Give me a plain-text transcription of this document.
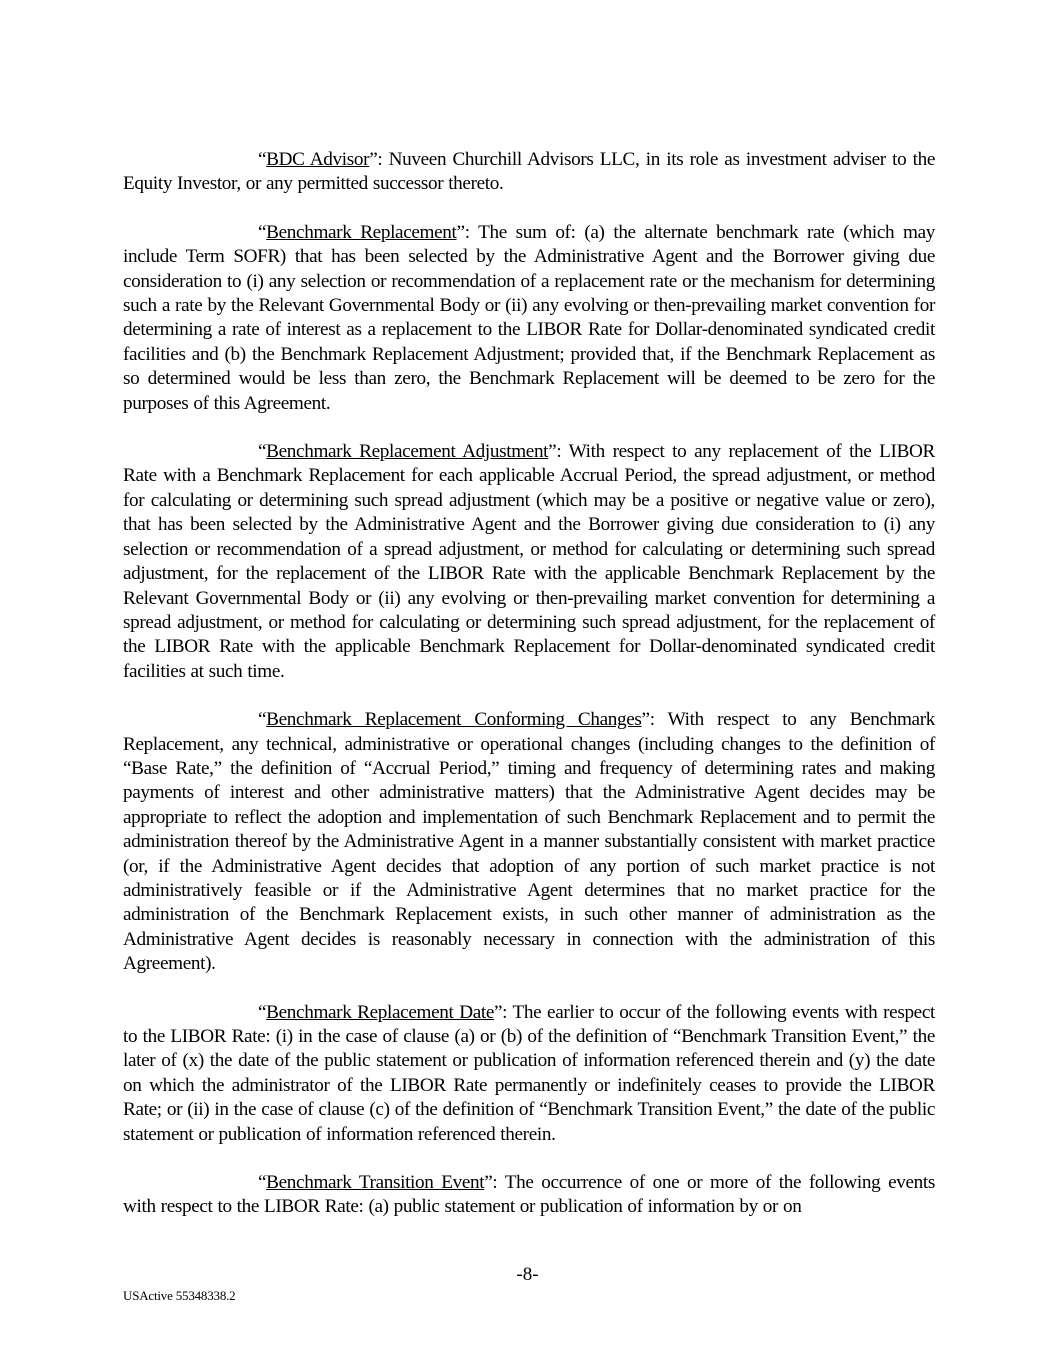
“BDC Advisor”: Nuveen Churchill Advisors LLC, in its role as investment adviser to the Equity Investor, or any permitted successor thereto.

“Benchmark Replacement”: The sum of: (a) the alternate benchmark rate (which may include Term SOFR) that has been selected by the Administrative Agent and the Borrower giving due consideration to (i) any selection or recommendation of a replacement rate or the mechanism for determining such a rate by the Relevant Governmental Body or (ii) any evolving or then-prevailing market convention for determining a rate of interest as a replacement to the LIBOR Rate for Dollar-denominated syndicated credit facilities and (b) the Benchmark Replacement Adjustment; provided that, if the Benchmark Replacement as so determined would be less than zero, the Benchmark Replacement will be deemed to be zero for the purposes of this Agreement.

“Benchmark Replacement Adjustment”: With respect to any replacement of the LIBOR Rate with a Benchmark Replacement for each applicable Accrual Period, the spread adjustment, or method for calculating or determining such spread adjustment (which may be a positive or negative value or zero), that has been selected by the Administrative Agent and the Borrower giving due consideration to (i) any selection or recommendation of a spread adjustment, or method for calculating or determining such spread adjustment, for the replacement of the LIBOR Rate with the applicable Benchmark Replacement by the Relevant Governmental Body or (ii) any evolving or then-prevailing market convention for determining a spread adjustment, or method for calculating or determining such spread adjustment, for the replacement of the LIBOR Rate with the applicable Benchmark Replacement for Dollar-denominated syndicated credit facilities at such time.

“Benchmark Replacement Conforming Changes”: With respect to any Benchmark Replacement, any technical, administrative or operational changes (including changes to the definition of “Base Rate,” the definition of “Accrual Period,” timing and frequency of determining rates and making payments of interest and other administrative matters) that the Administrative Agent decides may be appropriate to reflect the adoption and implementation of such Benchmark Replacement and to permit the administration thereof by the Administrative Agent in a manner substantially consistent with market practice (or, if the Administrative Agent decides that adoption of any portion of such market practice is not administratively feasible or if the Administrative Agent determines that no market practice for the administration of the Benchmark Replacement exists, in such other manner of administration as the Administrative Agent decides is reasonably necessary in connection with the administration of this Agreement).

“Benchmark Replacement Date”: The earlier to occur of the following events with respect to the LIBOR Rate: (i) in the case of clause (a) or (b) of the definition of “Benchmark Transition Event,” the later of (x) the date of the public statement or publication of information referenced therein and (y) the date on which the administrator of the LIBOR Rate permanently or indefinitely ceases to provide the LIBOR Rate; or (ii) in the case of clause (c) of the definition of “Benchmark Transition Event,” the date of the public statement or publication of information referenced therein.

“Benchmark Transition Event”: The occurrence of one or more of the following events with respect to the LIBOR Rate: (a) public statement or publication of information by or on

-8-
USActive 55348338.2
